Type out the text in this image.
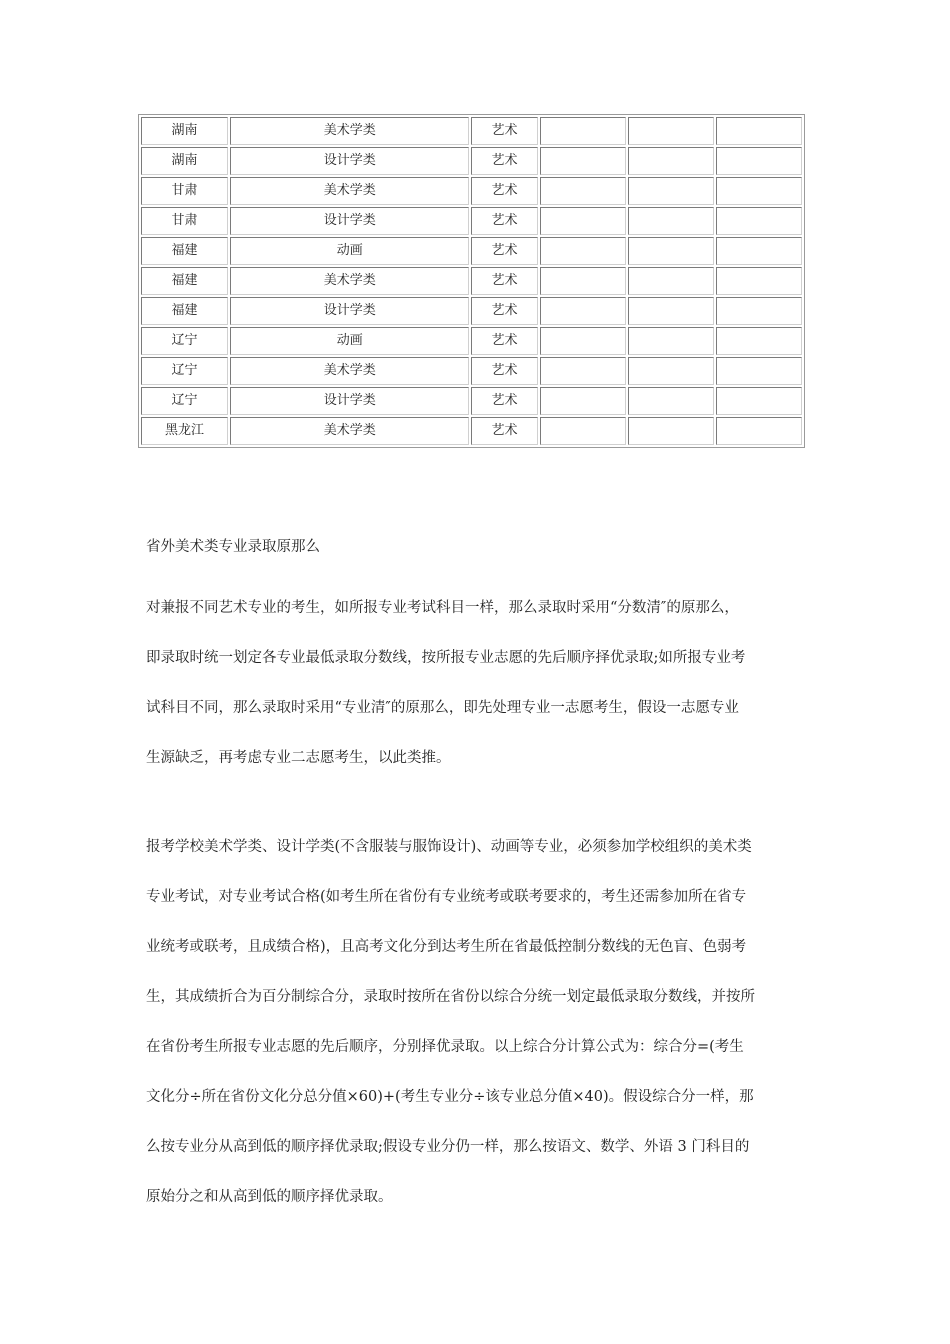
湖南	美术学类	艺术			
湖南	设计学类	艺术			
甘肃	美术学类	艺术			
甘肃	设计学类	艺术			
福建	动画	艺术			
福建	美术学类	艺术			
福建	设计学类	艺术			
辽宁	动画	艺术			
辽宁	美术学类	艺术			
辽宁	设计学类	艺术			
黑龙江	美术学类	艺术			

省外美术类专业录取原那么

对兼报不同艺术专业的考生，如所报专业考试科目一样，那么录取时采用“分数清″的原那么，
即录取时统一划定各专业最低录取分数线，按所报专业志愿的先后顺序择优录取;如所报专业考
试科目不同，那么录取时采用“专业清″的原那么，即先处理专业一志愿考生，假设一志愿专业
生源缺乏，再考虑专业二志愿考生，以此类推。

报考学校美术学类、设计学类(不含服装与服饰设计)、动画等专业，必须参加学校组织的美术类
专业考试，对专业考试合格(如考生所在省份有专业统考或联考要求的，考生还需参加所在省专
业统考或联考，且成绩合格)，且高考文化分到达考生所在省最低控制分数线的无色盲、色弱考
生，其成绩折合为百分制综合分，录取时按所在省份以综合分统一划定最低录取分数线，并按所
在省份考生所报专业志愿的先后顺序，分别择优录取。以上综合分计算公式为：综合分=(考生
文化分÷所在省份文化分总分值×60)+(考生专业分÷该专业总分值×40)。假设综合分一样，那
么按专业分从高到低的顺序择优录取;假设专业分仍一样，那么按语文、数学、外语 3 门科目的
原始分之和从高到低的顺序择优录取。
